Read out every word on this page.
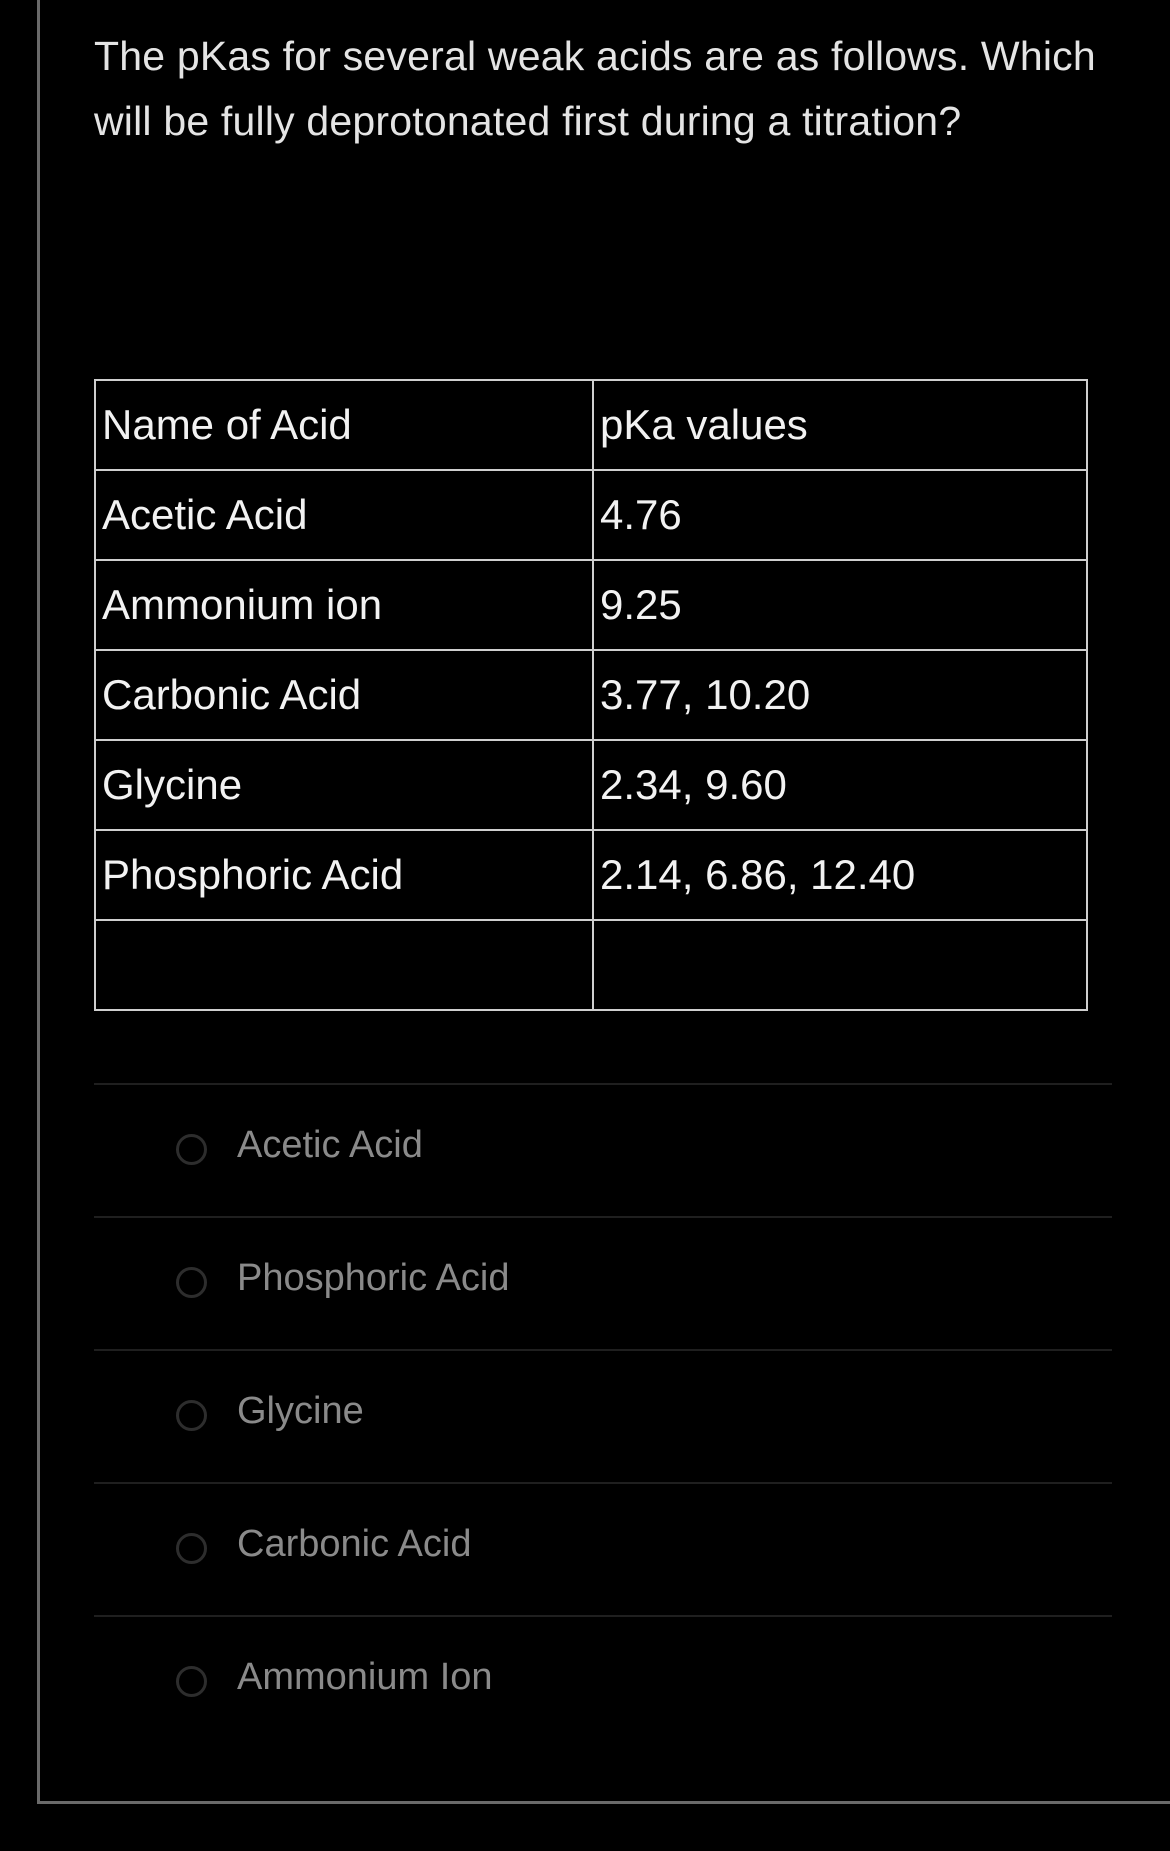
The pKas for several weak acids are as follows. Which will be fully deprotonated first during a titration?
Name of Acid	pKa values
Acetic Acid	4.76
Ammonium ion	9.25
Carbonic Acid	3.77, 10.20
Glycine	2.34, 9.60
Phosphoric Acid	2.14, 6.86, 12.40

Acetic Acid
Phosphoric Acid
Glycine
Carbonic Acid
Ammonium Ion
